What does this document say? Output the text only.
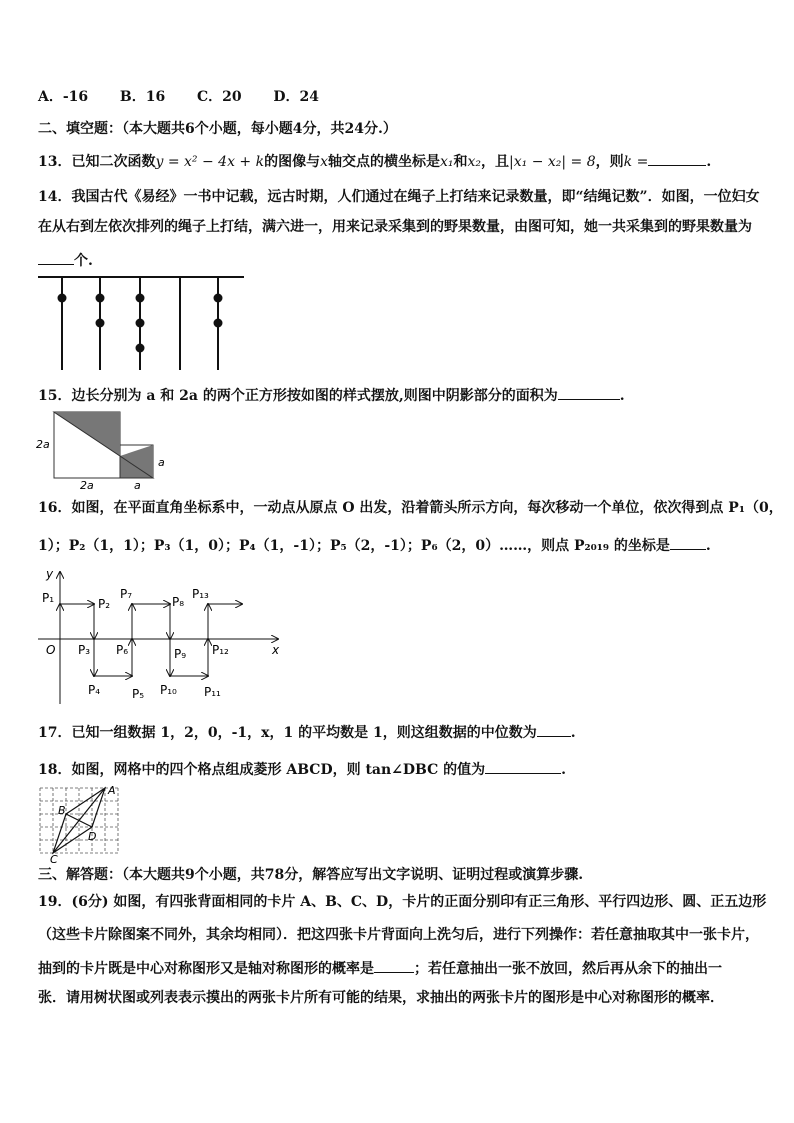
A．-16 B．16 C．20 D．24
二、填空题：（本大题共6个小题，每小题4分，共24分.）
13．已知二次函数y = x² − 4x + k的图像与x轴交点的横坐标是x₁和x₂，且|x₁ − x₂| = 8，则k =	.
14．我国古代《易经》一书中记载，远古时期，人们通过在绳子上打结来记录数量，即“结绳记数”．如图，一位妇女
在从右到左依次排列的绳子上打结，满六进一，用来记录采集到的野果数量，由图可知，她一共采集到的野果数量为
个.
15．边长分别为 a 和 2a 的两个正方形按如图的样式摆放,则图中阴影部分的面积为	.
2a
2a	a
a
16．如图，在平面直角坐标系中，一动点从原点 O 出发，沿着箭头所示方向，每次移动一个单位，依次得到点 P₁（0，
1）；P₂（1，1）；P₃（1，0）；P₄（1，-1）；P₅（2，-1）；P₆（2，0）……，则点 P₂₀₁₉ 的坐标是	.
y
x
O
P₁	P₂
P₃
P₄	P₅
P₆
P₇
P₈
P₉
P₁₀ P₁₁
P₁₂
P₁₃
17．已知一组数据 1，2，0，-1，x，1 的平均数是 1，则这组数据的中位数为 .
18．如图，网格中的四个格点组成菱形 ABCD，则 tan∠DBC 的值为	.
A
B
C
D
三、解答题：（本大题共9个小题，共78分，解答应写出文字说明、证明过程或演算步骤.
19．(6分) 如图，有四张背面相同的卡片 A、B、C、D，卡片的正面分别印有正三角形、平行四边形、圆、正五边形
（这些卡片除图案不同外，其余均相同）．把这四张卡片背面向上洗匀后，进行下列操作：若任意抽取其中一张卡片，
抽到的卡片既是中心对称图形又是轴对称图形的概率是	；若任意抽出一张不放回，然后再从余下的抽出一
张．请用树状图或列表表示摸出的两张卡片所有可能的结果，求抽出的两张卡片的图形是中心对称图形的概率．
